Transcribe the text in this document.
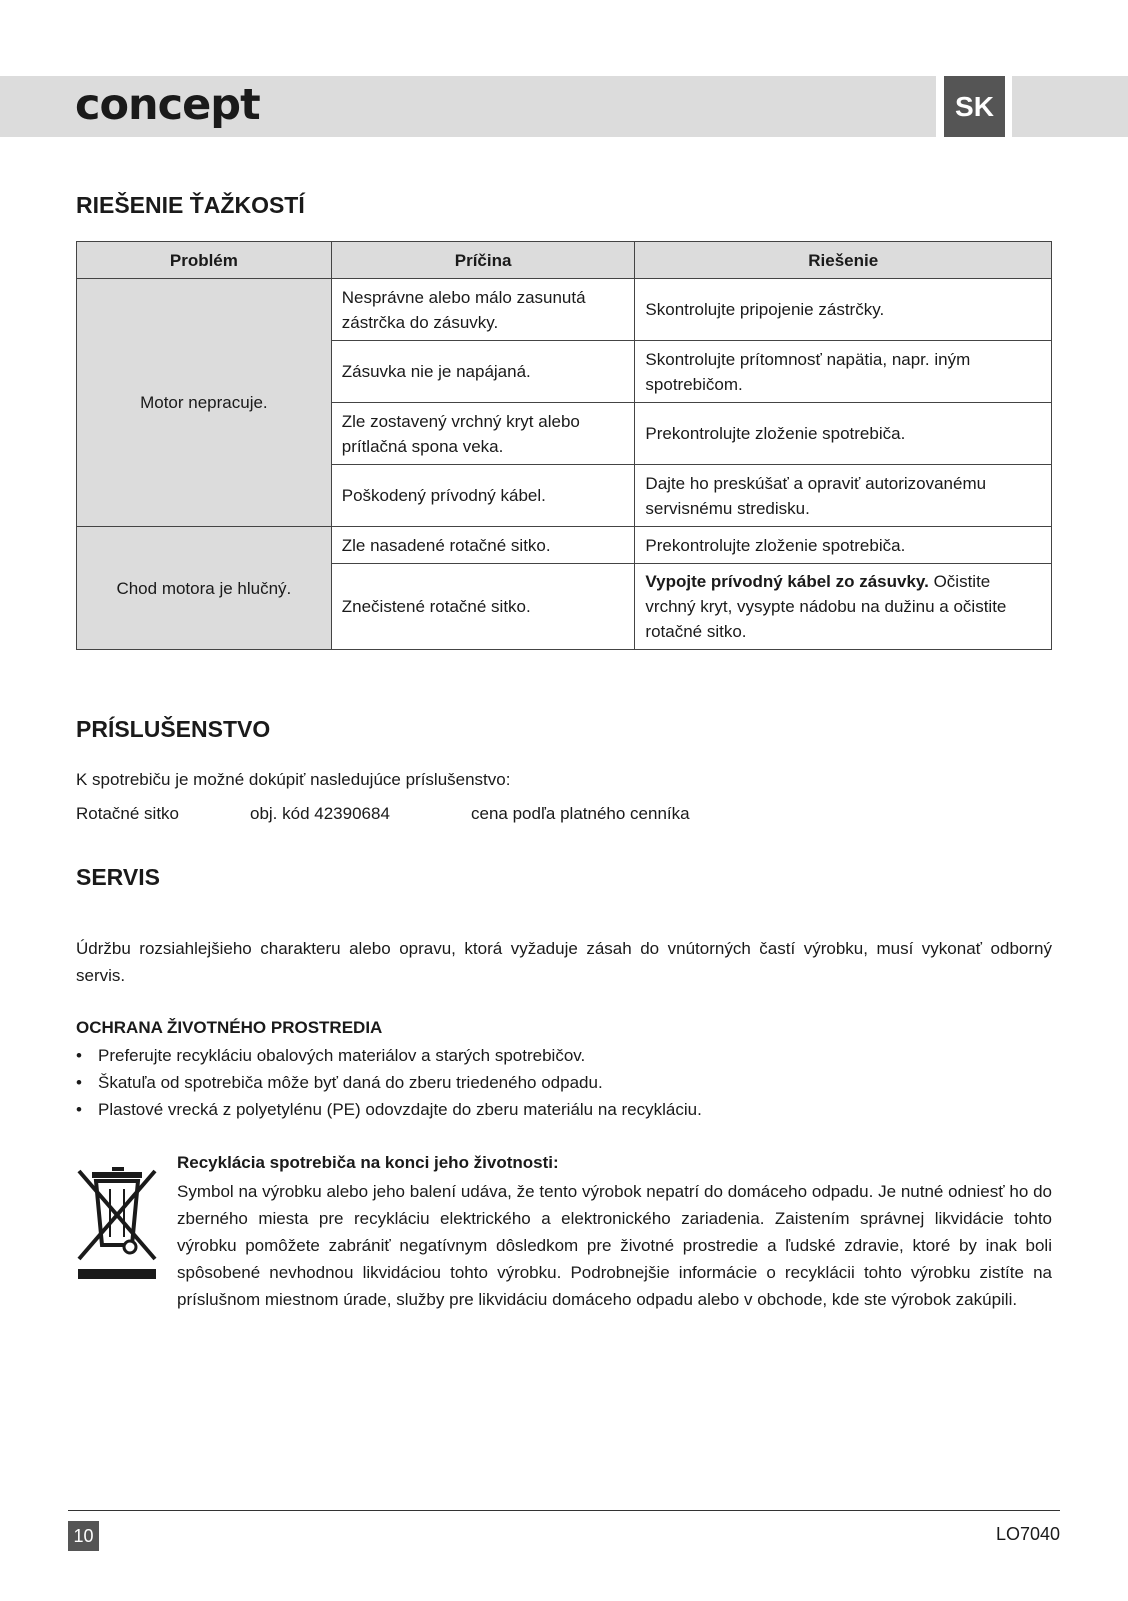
concept	SK
RIEŠENIE ŤAŽKOSTÍ
Problém	Príčina	Riešenie
Motor nepracuje.	Nesprávne alebo málo zasunutá zástrčka do zásuvky.	Skontrolujte pripojenie zástrčky.
	Zásuvka nie je napájaná.	Skontrolujte prítomnosť napätia, napr. iným spotrebičom.
	Zle zostavený vrchný kryt alebo prítlačná spona veka.	Prekontrolujte zloženie spotrebiča.
	Poškodený prívodný kábel.	Dajte ho preskúšať a opraviť autorizovanému servisnému stredisku.
Chod motora je hlučný.	Zle nasadené rotačné sitko.	Prekontrolujte zloženie spotrebiča.
	Znečistené rotačné sitko.	Vypojte prívodný kábel zo zásuvky. Očistite vrchný kryt, vysypte nádobu na dužinu a očistite rotačné sitko.
PRÍSLUŠENSTVO

K spotrebiču je možné dokúpiť nasledujúce príslušenstvo:

Rotačné sitko	obj. kód 42390684	cena podľa platného cenníka
SERVIS

Údržbu rozsiahlejšieho charakteru alebo opravu, ktorá vyžaduje zásah do vnútorných častí výrobku, musí vykonať odborný servis.

OCHRANA ŽIVOTNÉHO PROSTREDIA

• Preferujte recykláciu obalových materiálov a starých spotrebičov.
• Škatuľa od spotrebiča môže byť daná do zberu triedeného odpadu.
• Plastové vrecká z polyetylénu (PE) odovzdajte do zberu materiálu na recykláciu.

Recyklácia spotrebiča na konci jeho životnosti:

Symbol na výrobku alebo jeho balení udáva, že tento výrobok nepatrí do domáceho odpadu. Je nutné odniesť ho do zberného miesta pre recykláciu elektrického a elektronického zariadenia. Zaistením správnej likvidácie tohto výrobku pomôžete zabrániť negatívnym dôsledkom pre životné prostredie a ľudské zdravie, ktoré by inak boli spôsobené nevhodnou likvidáciou tohto výrobku. Podrobnejšie informácie o recyklácii tohto výrobku zistíte na príslušnom miestnom úrade, služby pre likvidáciu domáceho odpadu alebo v obchode, kde ste výrobok zakúpili.

10	LO7040
